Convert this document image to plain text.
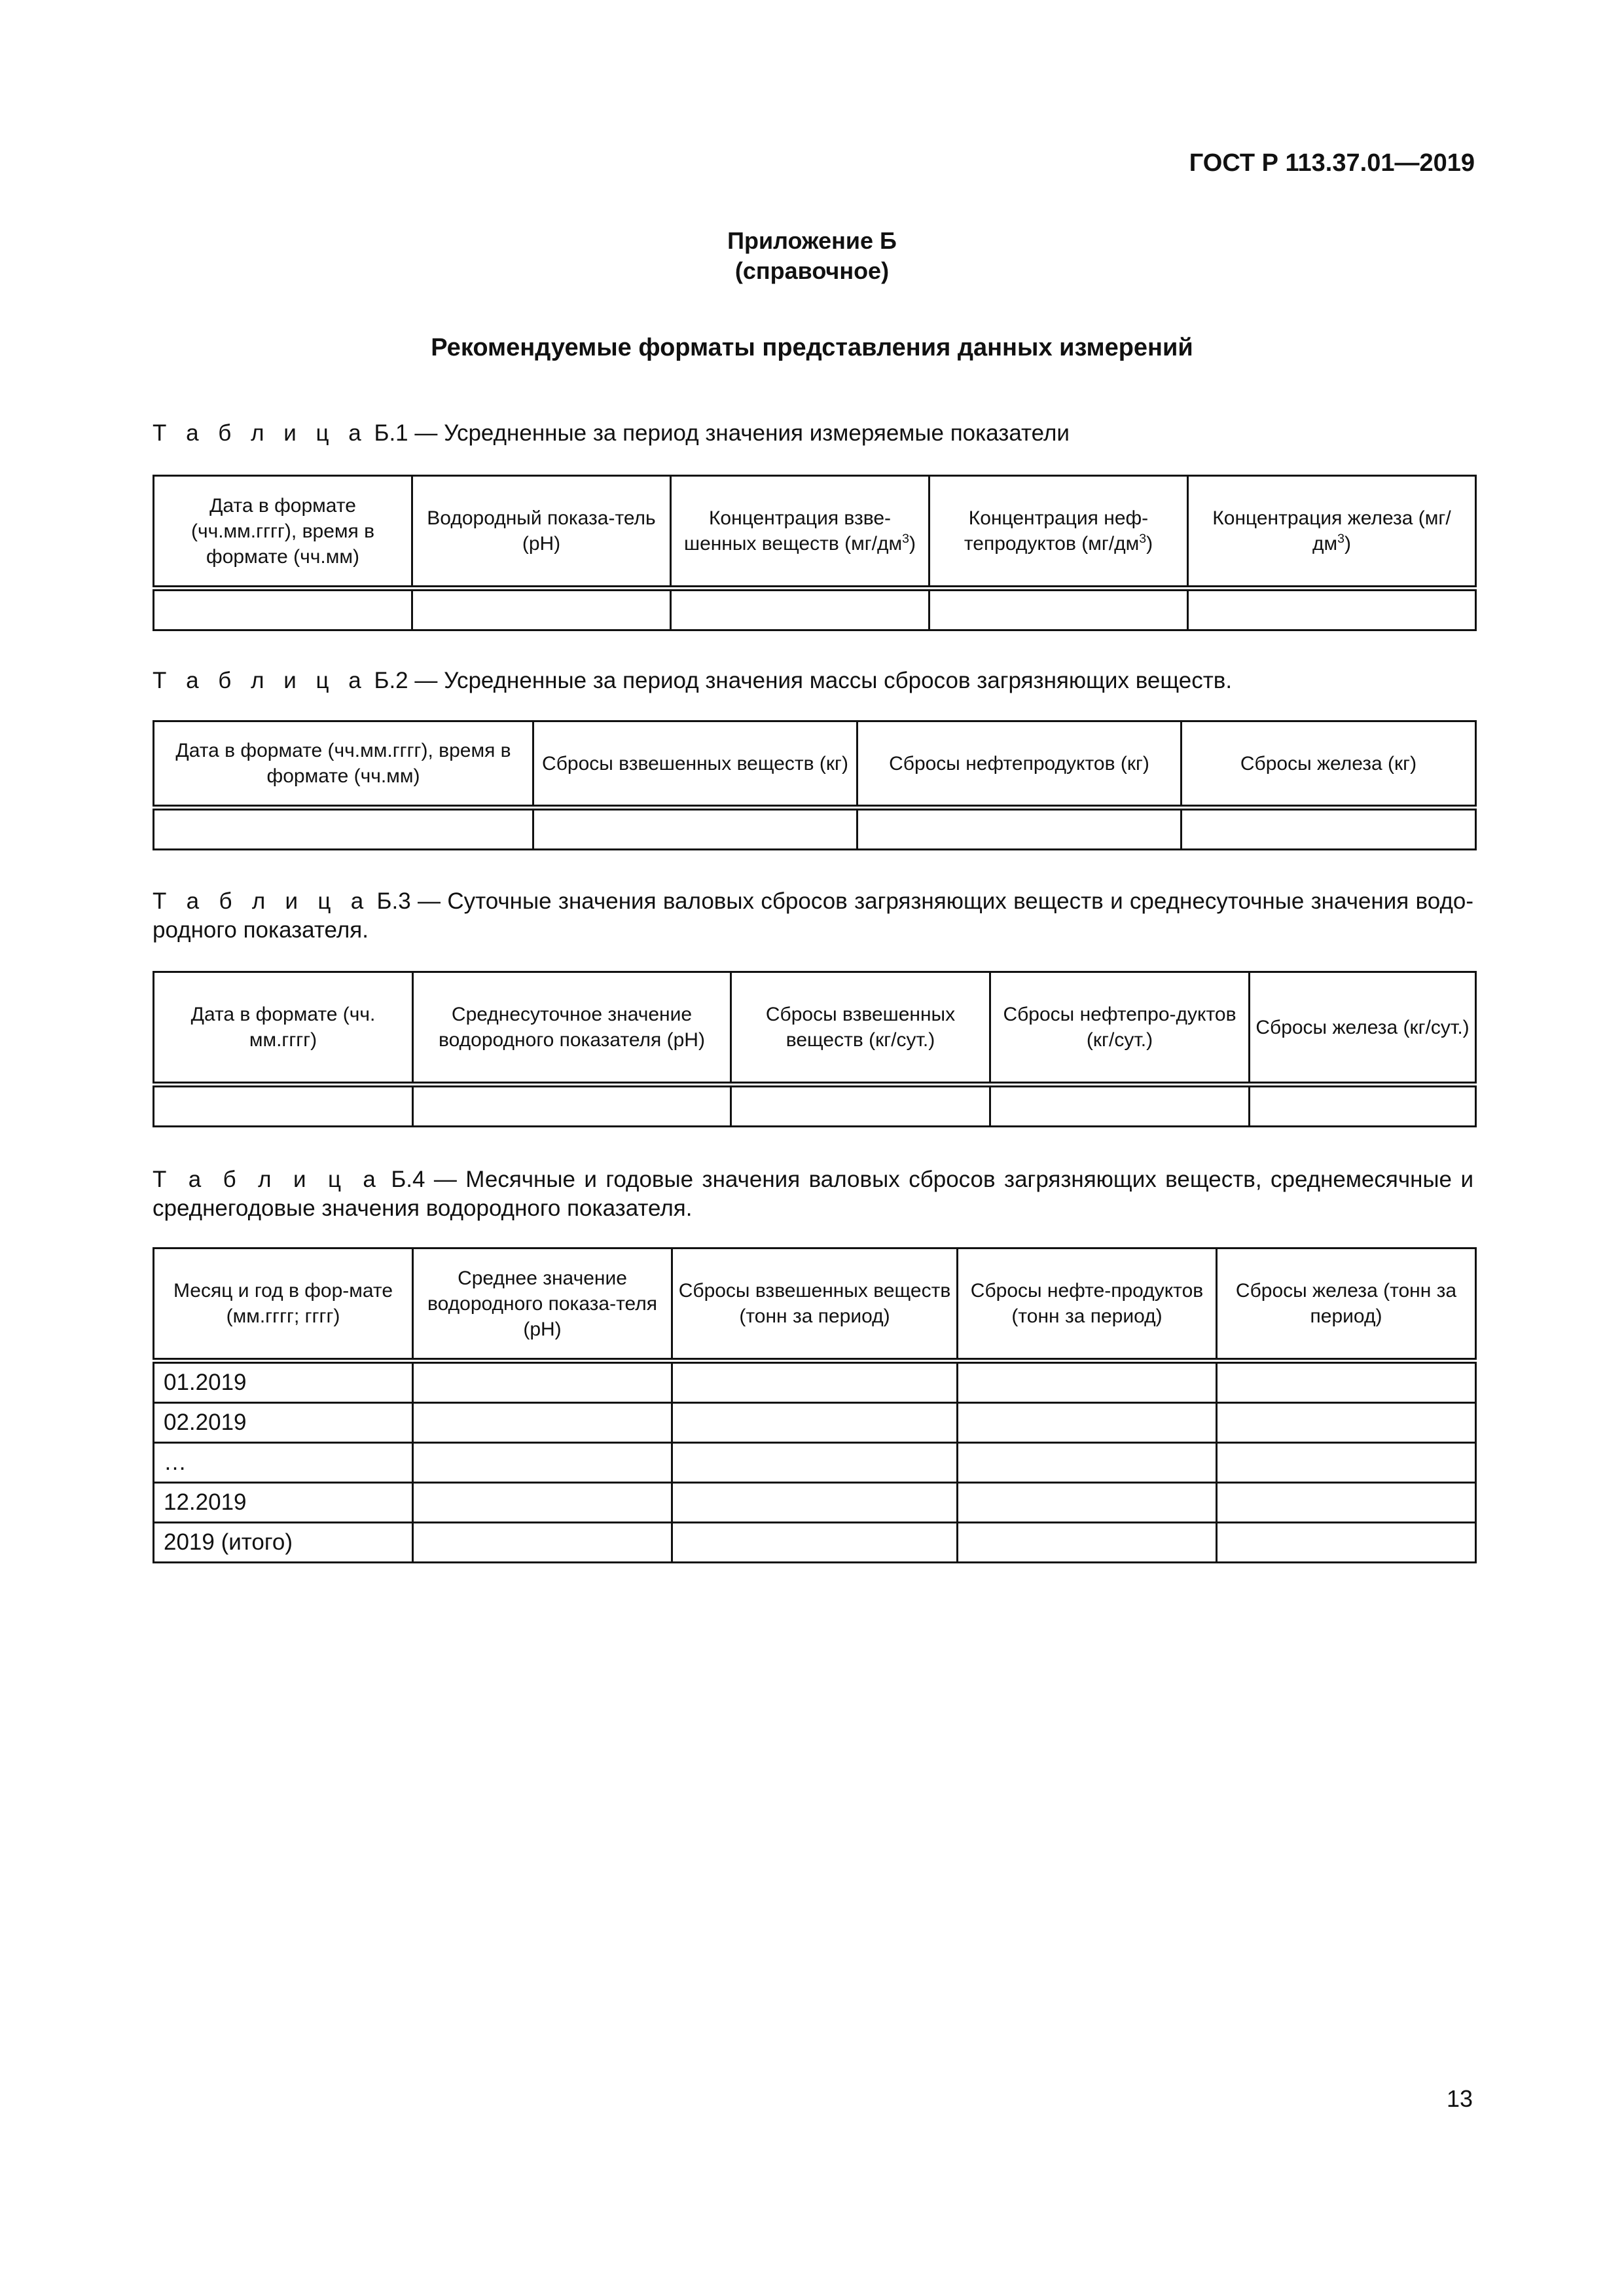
ГОСТ Р 113.37.01—2019
Приложение Б
(справочное)
Рекомендуемые форматы представления данных измерений
Т а б л и ц а Б.1 — Усредненные за период значения измеряемые показатели
Дата в формате (чч.мм.гггг), время в формате (чч.мм)	Водородный показа-тель (pH)	Концентрация взве-шенных веществ $(мг/дм^3)$	Концентрация неф-тепродуктов $(мг/дм^3)$	Концентрация железа $(мг/дм^3)$

Т а б л и ц а Б.2 — Усредненные за период значения массы сбросов загрязняющих веществ.
Дата в формате (чч.мм.гггг), время в формате (чч.мм)	Сбросы взвешенных веществ (кг)	Сбросы нефтепродуктов (кг)	Сбросы железа (кг)

Т а б л и ц а Б.3 — Суточные значения валовых сбросов загрязняющих веществ и среднесуточные значения водо-родного показателя.
Дата в формате (чч. мм.гггг)	Среднесуточное значение водородного показателя (pH)	Сбросы взвешенных веществ (кг/сут.)	Сбросы нефтепро-дуктов (кг/сут.)	Сбросы железа (кг/сут.)

Т а б л и ц а Б.4 — Месячные и годовые значения валовых сбросов загрязняющих веществ, среднемесячные и среднегодовые значения водородного показателя.
Месяц и год в фор-мате (мм.гггг; гггг)	Среднее значение водородного показа-теля (pH)	Сбросы взвешенных веществ (тонн за период)	Сбросы нефте-продуктов (тонн за период)	Сбросы железа (тонн за период)
01.2019				
02.2019				
…				
12.2019				
2019 (итого)				
13
